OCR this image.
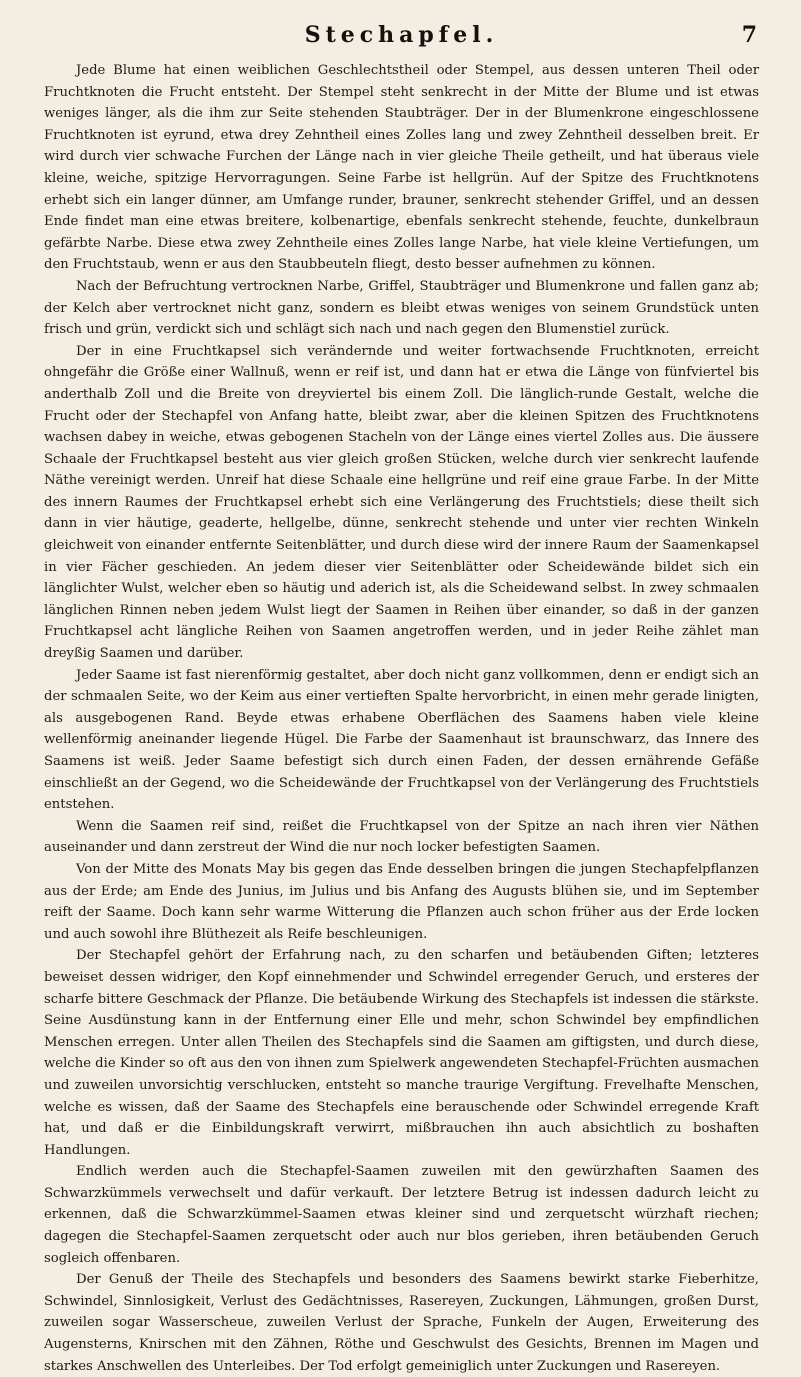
Stechapfel.	7

Jede Blume hat einen weiblichen Geschlechtstheil oder Stempel, aus dessen unteren Theil oder Fruchtknoten die Frucht entsteht. Der Stempel steht senkrecht in der Mitte der Blume und ist etwas weniges länger, als die ihm zur Seite stehenden Staubträger. Der in der Blumenkrone eingeschlossene Fruchtknoten ist eyrund, etwa drey Zehntheil eines Zolles lang und zwey Zehntheil desselben breit. Er wird durch vier schwache Furchen der Länge nach in vier gleiche Theile getheilt, und hat überaus viele kleine, weiche, spitzige Hervorragungen. Seine Farbe ist hellgrün. Auf der Spitze des Fruchtknotens erhebt sich ein langer dünner, am Umfange runder, brauner, senkrecht stehender Griffel, und an dessen Ende findet man eine etwas breitere, kolbenartige, ebenfals senkrecht stehende, feuchte, dunkelbraun gefärbte Narbe. Diese etwa zwey Zehntheile eines Zolles lange Narbe, hat viele kleine Vertiefungen, um den Fruchtstaub, wenn er aus den Staubbeuteln fliegt, desto besser aufnehmen zu können.

Nach der Befruchtung vertrocknen Narbe, Griffel, Staubträger und Blumenkrone und fallen ganz ab; der Kelch aber vertrocknet nicht ganz, sondern es bleibt etwas weniges von seinem Grundstück unten frisch und grün, verdickt sich und schlägt sich nach und nach gegen den Blumenstiel zurück.

Der in eine Fruchtkapsel sich verändernde und weiter fortwachsende Fruchtknoten, erreicht ohngefähr die Größe einer Wallnuß, wenn er reif ist, und dann hat er etwa die Länge von fünfviertel bis anderthalb Zoll und die Breite von dreyviertel bis einem Zoll. Die länglich-runde Gestalt, welche die Frucht oder der Stechapfel von Anfang hatte, bleibt zwar, aber die kleinen Spitzen des Fruchtknotens wachsen dabey in weiche, etwas gebogenen Stacheln von der Länge eines viertel Zolles aus. Die äussere Schaale der Fruchtkapsel besteht aus vier gleich großen Stücken, welche durch vier senkrecht laufende Näthe vereinigt werden. Unreif hat diese Schaale eine hellgrüne und reif eine graue Farbe. In der Mitte des innern Raumes der Fruchtkapsel erhebt sich eine Verlängerung des Fruchtstiels; diese theilt sich dann in vier häutige, geaderte, hellgelbe, dünne, senkrecht stehende und unter vier rechten Winkeln gleichweit von einander entfernte Seitenblätter, und durch diese wird der innere Raum der Saamenkapsel in vier Fächer geschieden. An jedem dieser vier Seitenblätter oder Scheidewände bildet sich ein länglichter Wulst, welcher eben so häutig und aderich ist, als die Scheidewand selbst. In zwey schmaalen länglichen Rinnen neben jedem Wulst liegt der Saamen in Reihen über einander, so daß in der ganzen Fruchtkapsel acht längliche Reihen von Saamen angetroffen werden, und in jeder Reihe zählet man dreyßig Saamen und darüber.

Jeder Saame ist fast nierenförmig gestaltet, aber doch nicht ganz vollkommen, denn er endigt sich an der schmaalen Seite, wo der Keim aus einer vertieften Spalte hervorbricht, in einen mehr gerade linigten, als ausgebogenen Rand. Beyde etwas erhabene Oberflächen des Saamens haben viele kleine wellenförmig aneinander liegende Hügel. Die Farbe der Saamenhaut ist braunschwarz, das Innere des Saamens ist weiß. Jeder Saame befestigt sich durch einen Faden, der dessen ernährende Gefäße einschließt an der Gegend, wo die Scheidewände der Fruchtkapsel von der Verlängerung des Fruchtstiels entstehen.

Wenn die Saamen reif sind, reißet die Fruchtkapsel von der Spitze an nach ihren vier Näthen auseinander und dann zerstreut der Wind die nur noch locker befestigten Saamen.

Von der Mitte des Monats May bis gegen das Ende desselben bringen die jungen Stechapfelpflanzen aus der Erde; am Ende des Junius, im Julius und bis Anfang des Augusts blühen sie, und im September reift der Saame. Doch kann sehr warme Witterung die Pflanzen auch schon früher aus der Erde locken und auch sowohl ihre Blüthezeit als Reife beschleunigen.

Der Stechapfel gehört der Erfahrung nach, zu den scharfen und betäubenden Giften; letzteres beweiset dessen widriger, den Kopf einnehmender und Schwindel erregender Geruch, und ersteres der scharfe bittere Geschmack der Pflanze. Die betäubende Wirkung des Stechapfels ist indessen die stärkste. Seine Ausdünstung kann in der Entfernung einer Elle und mehr, schon Schwindel bey empfindlichen Menschen erregen. Unter allen Theilen des Stechapfels sind die Saamen am giftigsten, und durch diese, welche die Kinder so oft aus den von ihnen zum Spielwerk angewendeten Stechapfel-Früchten ausmachen und zuweilen unvorsichtig verschlucken, entsteht so manche traurige Vergiftung. Frevelhafte Menschen, welche es wissen, daß der Saame des Stechapfels eine berauschende oder Schwindel erregende Kraft hat, und daß er die Einbildungskraft verwirrt, mißbrauchen ihn auch absichtlich zu boshaften Handlungen.

Endlich werden auch die Stechapfel-Saamen zuweilen mit den gewürzhaften Saamen des Schwarzkümmels verwechselt und dafür verkauft. Der letztere Betrug ist indessen dadurch leicht zu erkennen, daß die Schwarzkümmel-Saamen etwas kleiner sind und zerquetscht würzhaft riechen; dagegen die Stechapfel-Saamen zerquetscht oder auch nur blos gerieben, ihren betäubenden Geruch sogleich offenbaren.

Der Genuß der Theile des Stechapfels und besonders des Saamens bewirkt starke Fieberhitze, Schwindel, Sinnlosigkeit, Verlust des Gedächtnisses, Rasereyen, Zuckungen, Lähmungen, großen Durst, zuweilen sogar Wasserscheue, zuweilen Verlust der Sprache, Funkeln der Augen, Erweiterung des Augensterns, Knirschen mit den Zähnen, Röthe und Geschwulst des Gesichts, Brennen im Magen und starkes Anschwellen des Unterleibes. Der Tod erfolgt gemeiniglich unter Zuckungen und Rasereyen.
